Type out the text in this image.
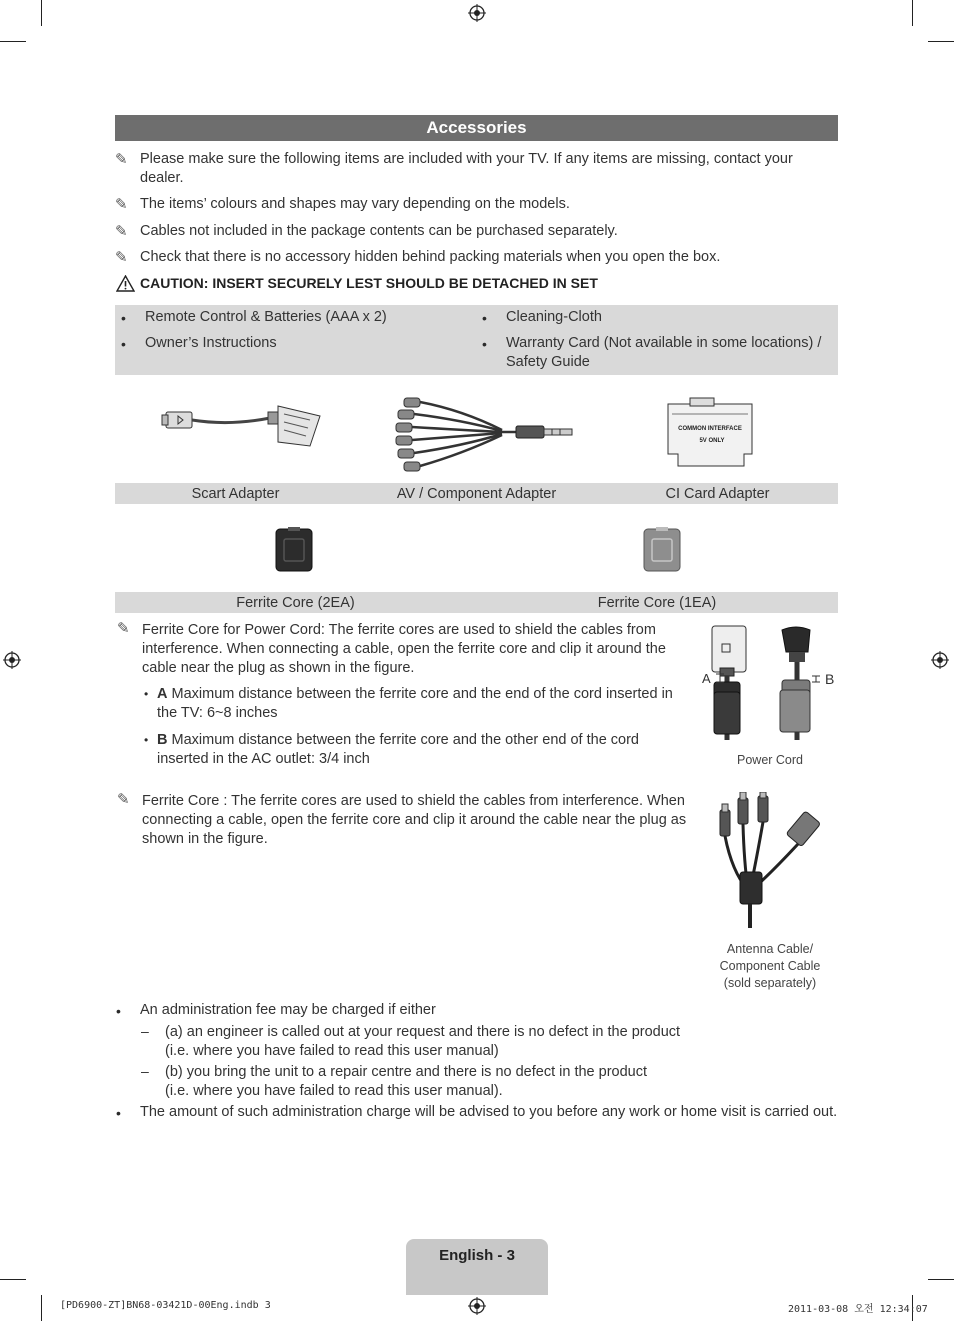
Accessories
✎ Please make sure the following items are included with your TV. If any items are missing, contact your dealer.
✎ The items’ colours and shapes may vary depending on the models.
✎ Cables not included in the package contents can be purchased separately.
✎ Check that there is no accessory hidden behind packing materials when you open the box.
CAUTION: INSERT SECURELY LEST SHOULD BE DETACHED IN SET
• Remote Control & Batteries (AAA x 2)
• Owner’s Instructions
• Cleaning-Cloth
• Warranty Card (Not available in some locations) / Safety Guide
COMMON INTERFACE
5V ONLY
Scart Adapter	AV / Component Adapter	CI Card Adapter
Ferrite Core (2EA)	Ferrite Core (1EA)
✎ Ferrite Core for Power Cord: The ferrite cores are used to shield the cables from interference. When connecting a cable, open the ferrite core and clip it around the cable near the plug as shown in the figure.
• A Maximum distance between the ferrite core and the end of the cord inserted in the TV: 6~8 inches
• B Maximum distance between the ferrite core and the other end of the cord inserted in the AC outlet: 3/4 inch
A	B
Power Cord
✎ Ferrite Core : The ferrite cores are used to shield the cables from interference. When connecting a cable, open the ferrite core and clip it around the cable near the plug as shown in the figure.
Antenna Cable/
Component Cable
(sold separately)
• An administration fee may be charged if either
– (a) an engineer is called out at your request and there is no defect in the product
(i.e. where you have failed to read this user manual)
– (b) you bring the unit to a repair centre and there is no defect in the product
(i.e. where you have failed to read this user manual).
• The amount of such administration charge will be advised to you before any work or home visit is carried out.
English - 3
[PD6900-ZT]BN68-03421D-00Eng.indb 3	2011-03-08 오전 12:34:07
